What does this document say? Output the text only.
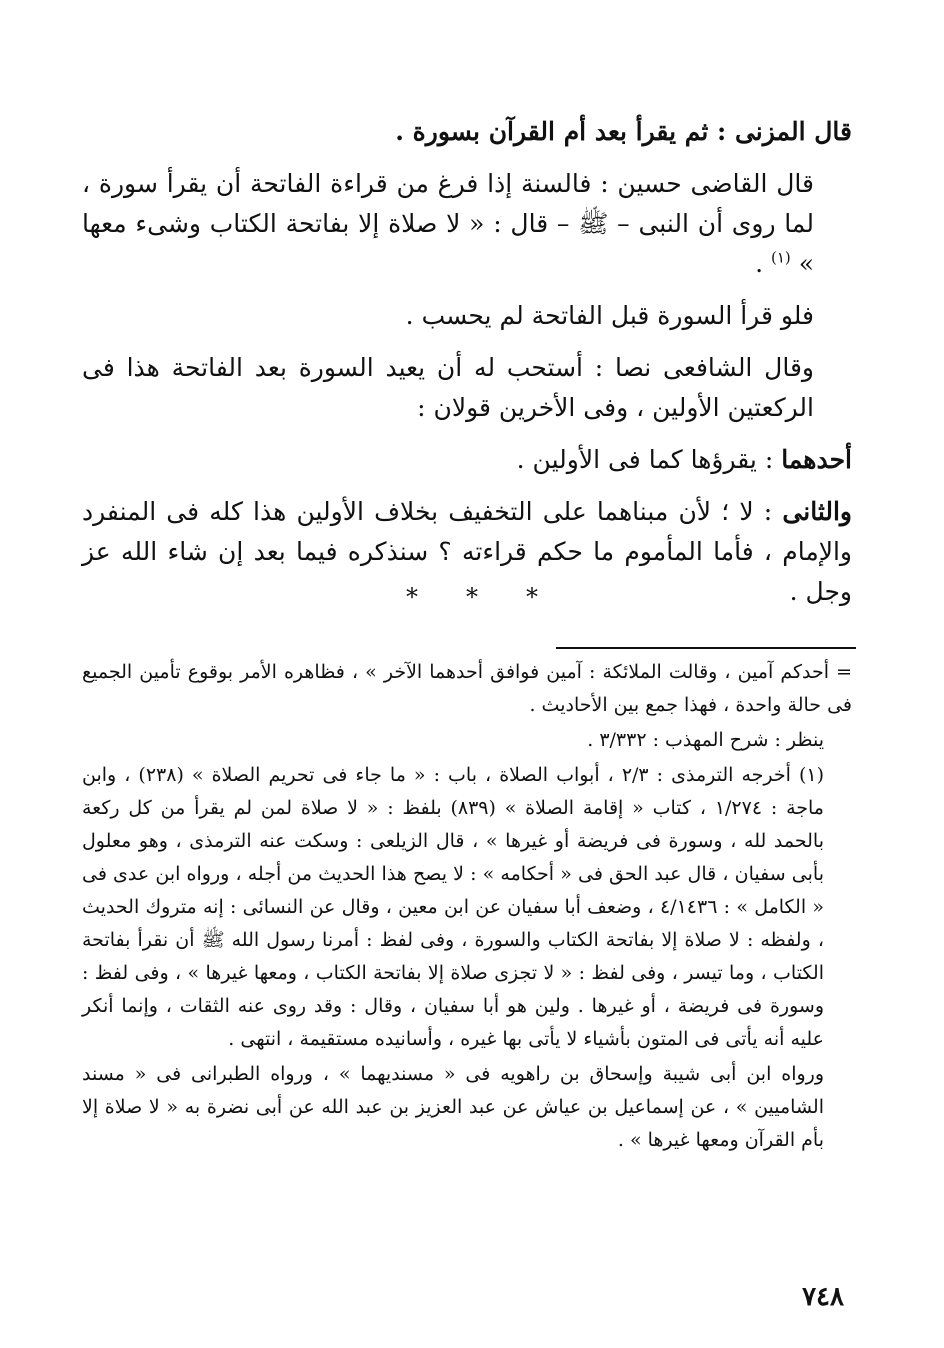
قال المزنى : ثم يقرأ بعد أم القرآن بسورة .

قال القاضى حسين : فالسنة إذا فرغ من قراءة الفاتحة أن يقرأ سورة ، لما روى أن النبى – ﷺ – قال : « لا صلاة إلا بفاتحة الكتاب وشىء معها » $^{(١)}$ .

فلو قرأ السورة قبل الفاتحة لم يحسب .

وقال الشافعى نصا : أستحب له أن يعيد السورة بعد الفاتحة هذا فى الركعتين الأولين ، وفى الأخرين قولان :

أحدهما : يقرؤها كما فى الأولين .

والثانى : لا ؛ لأن مبناهما على التخفيف بخلاف الأولين هذا كله فى المنفرد والإمام ، فأما المأموم ما حكم قراءته ؟ سنذكره فيما بعد إن شاء الله عز وجل .

***

= أحدكم آمين ، وقالت الملائكة : آمين فوافق أحدهما الآخر » ، فظاهره الأمر بوقوع تأمين الجميع فى حالة واحدة ، فهذا جمع بين الأحاديث .

ينظر : شرح المهذب : ٣/٣٣٢ .

(١) أخرجه الترمذى : ٢/٣ ، أبواب الصلاة ، باب : « ما جاء فى تحريم الصلاة » (٢٣٨) ، وابن ماجة : ١/٢٧٤ ، كتاب « إقامة الصلاة » (٨٣٩) بلفظ : « لا صلاة لمن لم يقرأ من كل ركعة بالحمد لله ، وسورة فى فريضة أو غيرها » ، قال الزيلعى : وسكت عنه الترمذى ، وهو معلول بأبى سفيان ، قال عبد الحق فى « أحكامه » : لا يصح هذا الحديث من أجله ، ورواه ابن عدى فى « الكامل » : ٤/١٤٣٦ ، وضعف أبا سفيان عن ابن معين ، وقال عن النسائى : إنه متروك الحديث ، ولفظه : لا صلاة إلا بفاتحة الكتاب والسورة ، وفى لفظ : أمرنا رسول الله ﷺ أن نقرأ بفاتحة الكتاب ، وما تيسر ، وفى لفظ : « لا تجزى صلاة إلا بفاتحة الكتاب ، ومعها غيرها » ، وفى لفظ : وسورة فى فريضة ، أو غيرها . ولين هو أبا سفيان ، وقال : وقد روى عنه الثقات ، وإنما أنكر عليه أنه يأتى فى المتون بأشياء لا يأتى بها غيره ، وأسانيده مستقيمة ، انتهى .

ورواه ابن أبى شيبة وإسحاق بن راهويه فى « مسنديهما » ، ورواه الطبرانى فى « مسند الشاميين » ، عن إسماعيل بن عياش عن عبد العزيز بن عبد الله عن أبى نضرة به « لا صلاة إلا بأم القرآن ومعها غيرها » .

٧٤٨
